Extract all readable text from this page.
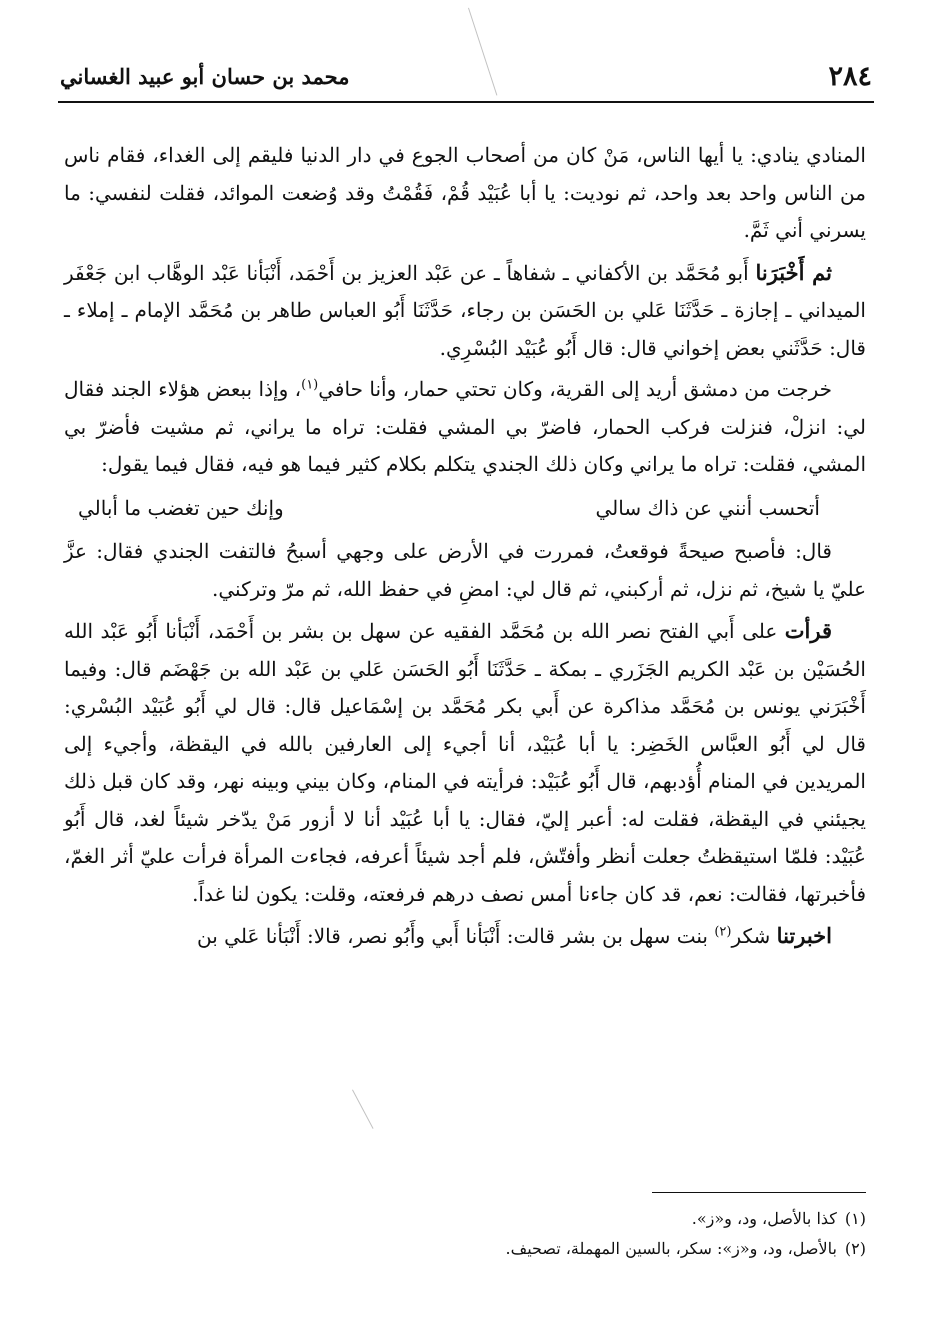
٢٨٤
محمد بن حسان أبو عبيد الغساني

المنادي ينادي: يا أيها الناس، مَنْ كان من أصحاب الجوع في دار الدنيا فليقم إلى الغداء، فقام ناس من الناس واحد بعد واحد، ثم نوديت: يا أبا عُبَيْد قُمْ، فَقُمْتُ وقد وُضعت الموائد، فقلت لنفسي: ما يسرني أني ثَمَّ.

ثم أَخْبَرَنا أَبو مُحَمَّد بن الأكفاني ـ شفاهاً ـ عن عَبْد العزيز بن أَحْمَد، أَنْبَأنا عَبْد الوهَّاب ابن جَعْفَر الميداني ـ إجازة ـ حَدَّثَنَا عَلي بن الحَسَن بن رجاء، حَدَّثَنَا أَبُو العباس طاهر بن مُحَمَّد الإمام ـ إملاء ـ قال: حَدَّثَني بعض إخواني قال: قال أَبُو عُبَيْد البُسْرِي.

خرجت من دمشق أريد إلى القرية، وكان تحتي حمار، وأنا حافي$^{(١)}$، وإذا ببعض هؤلاء الجند فقال لي: انزلْ، فنزلت فركب الحمار، فاضرّ بي المشي فقلت: تراه ما يراني، ثم مشيت فأضرّ بي المشي، فقلت: تراه ما يراني وكان ذلك الجندي يتكلم بكلام كثير فيما هو فيه، فقال فيما يقول:

أتحسب أنني عن ذاك سالي
وإنك حين تغضب ما أبالي

قال: فأصبح صيحةً فوقعتُ، فمررت في الأرض على وجهي أسبحُ فالتفت الجندي فقال: عزَّ عليّ يا شيخ، ثم نزل، ثم أركبني، ثم قال لي: امضِ في حفظ الله، ثم مرّ وتركني.

قرأت على أَبي الفتح نصر الله بن مُحَمَّد الفقيه عن سهل بن بشر بن أَحْمَد، أَنْبَأنا أَبُو عَبْد الله الحُسَيْن بن عَبْد الكريم الجَزَري ـ بمكة ـ حَدَّثَنَا أَبُو الحَسَن عَلي بن عَبْد الله بن جَهْضَم قال: وفيما أَخْبَرَني يونس بن مُحَمَّد مذاكرة عن أَبي بكر مُحَمَّد بن إسْمَاعيل قال: قال لي أَبُو عُبَيْد البُسْري: قال لي أَبُو العبَّاس الخَضِر: يا أبا عُبَيْد، أنا أجيء إلى العارفين بالله في اليقظة، وأجيء إلى المريدين في المنام أُؤدبهم، قال أَبُو عُبَيْد: فرأيته في المنام، وكان بيني وبينه نهر، وقد كان قبل ذلك يجيئني في اليقظة، فقلت له: أعبر إليّ، فقال: يا أبا عُبَيْد أنا لا أزور مَنْ يدّخر شيئاً لغد، قال أَبُو عُبَيْد: فلمّا استيقظتُ جعلت أنظر وأفتّش، فلم أجد شيئاً أعرفه، فجاءت المرأة فرأت عليّ أثر الغمّ، فأخبرتها، فقالت: نعم، قد كان جاءنا أمس نصف درهم فرفعته، وقلت: يكون لنا غداً.

اخبرتنا شكر$^{(٢)}$ بنت سهل بن بشر قالت: أَنْبَأنا أَبي وأَبُو نصر، قالا: أَنْبَأنا عَلي بن

(١)
كذا بالأصل، ود، و«ز».
(٢)
بالأصل، ود، و«ز»: سكر، بالسين المهملة، تصحيف.
